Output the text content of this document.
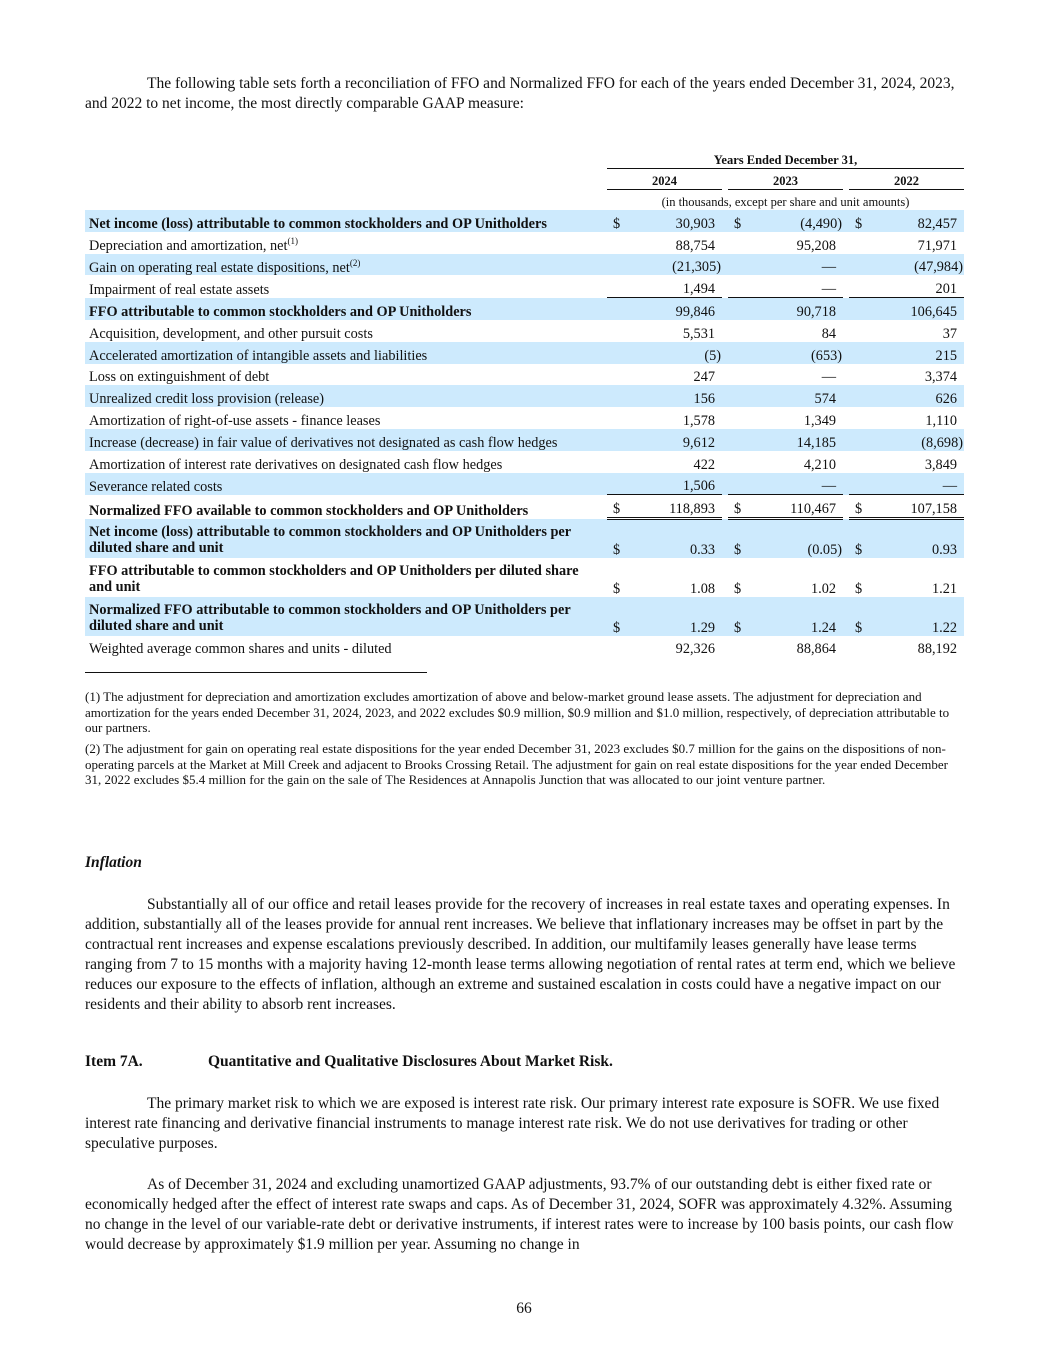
The following table sets forth a reconciliation of FFO and Normalized FFO for each of the years ended December 31, 2024, 2023, and 2022 to net income, the most directly comparable GAAP measure:

		Years Ended December 31,							
		2024			2023			2022	
		(in thousands, except per share and unit amounts)							
Net income (loss) attributable to common stockholders and OP Unitholders		$	30,903		$	(4,490)		$	82,457
Depreciation and amortization, net$^{(1)}$			88,754			95,208			71,971
Gain on operating real estate dispositions, net$^{(2)}$			(21,305)			—			(47,984)
Impairment of real estate assets			1,494			—			201
FFO attributable to common stockholders and OP Unitholders			99,846			90,718			106,645
Acquisition, development, and other pursuit costs			5,531			84			37
Accelerated amortization of intangible assets and liabilities			(5)			(653)			215
Loss on extinguishment of debt			247			—			3,374
Unrealized credit loss provision (release)			156			574			626
Amortization of right-of-use assets - finance leases			1,578			1,349			1,110
Increase (decrease) in fair value of derivatives not designated as cash flow hedges			9,612			14,185			(8,698)
Amortization of interest rate derivatives on designated cash flow hedges			422			4,210			3,849
Severance related costs			1,506			—			—
Normalized FFO available to common stockholders and OP Unitholders		$	118,893		$	110,467		$	107,158
Net income (loss) attributable to common stockholders and OP Unitholders per diluted share and unit		$	0.33		$	(0.05)		$	0.93
FFO attributable to common stockholders and OP Unitholders per diluted share and unit		$	1.08		$	1.02		$	1.21
Normalized FFO attributable to common stockholders and OP Unitholders per diluted share and unit		$	1.29		$	1.24		$	1.22
Weighted average common shares and units - diluted			92,326			88,864			88,192

(1) The adjustment for depreciation and amortization excludes amortization of above and below-market ground lease assets. The adjustment for depreciation and amortization for the years ended December 31, 2024, 2023, and 2022 excludes $0.9 million, $0.9 million and $1.0 million, respectively, of depreciation attributable to our partners.

(2) The adjustment for gain on operating real estate dispositions for the year ended December 31, 2023 excludes $0.7 million for the gains on the dispositions of non-operating parcels at the Market at Mill Creek and adjacent to Brooks Crossing Retail. The adjustment for gain on real estate dispositions for the year ended December 31, 2022 excludes $5.4 million for the gain on the sale of The Residences at Annapolis Junction that was allocated to our joint venture partner.

Inflation

Substantially all of our office and retail leases provide for the recovery of increases in real estate taxes and operating expenses. In addition, substantially all of the leases provide for annual rent increases. We believe that inflationary increases may be offset in part by the contractual rent increases and expense escalations previously described. In addition, our multifamily leases generally have lease terms ranging from 7 to 15 months with a majority having 12-month lease terms allowing negotiation of rental rates at term end, which we believe reduces our exposure to the effects of inflation, although an extreme and sustained escalation in costs could have a negative impact on our residents and their ability to absorb rent increases.

Item 7A.	Quantitative and Qualitative Disclosures About Market Risk.

The primary market risk to which we are exposed is interest rate risk. Our primary interest rate exposure is SOFR. We use fixed interest rate financing and derivative financial instruments to manage interest rate risk. We do not use derivatives for trading or other speculative purposes.

As of December 31, 2024 and excluding unamortized GAAP adjustments, 93.7% of our outstanding debt is either fixed rate or economically hedged after the effect of interest rate swaps and caps. As of December 31, 2024, SOFR was approximately 4.32%. Assuming no change in the level of our variable-rate debt or derivative instruments, if interest rates were to increase by 100 basis points, our cash flow would decrease by approximately $1.9 million per year. Assuming no change in

66
